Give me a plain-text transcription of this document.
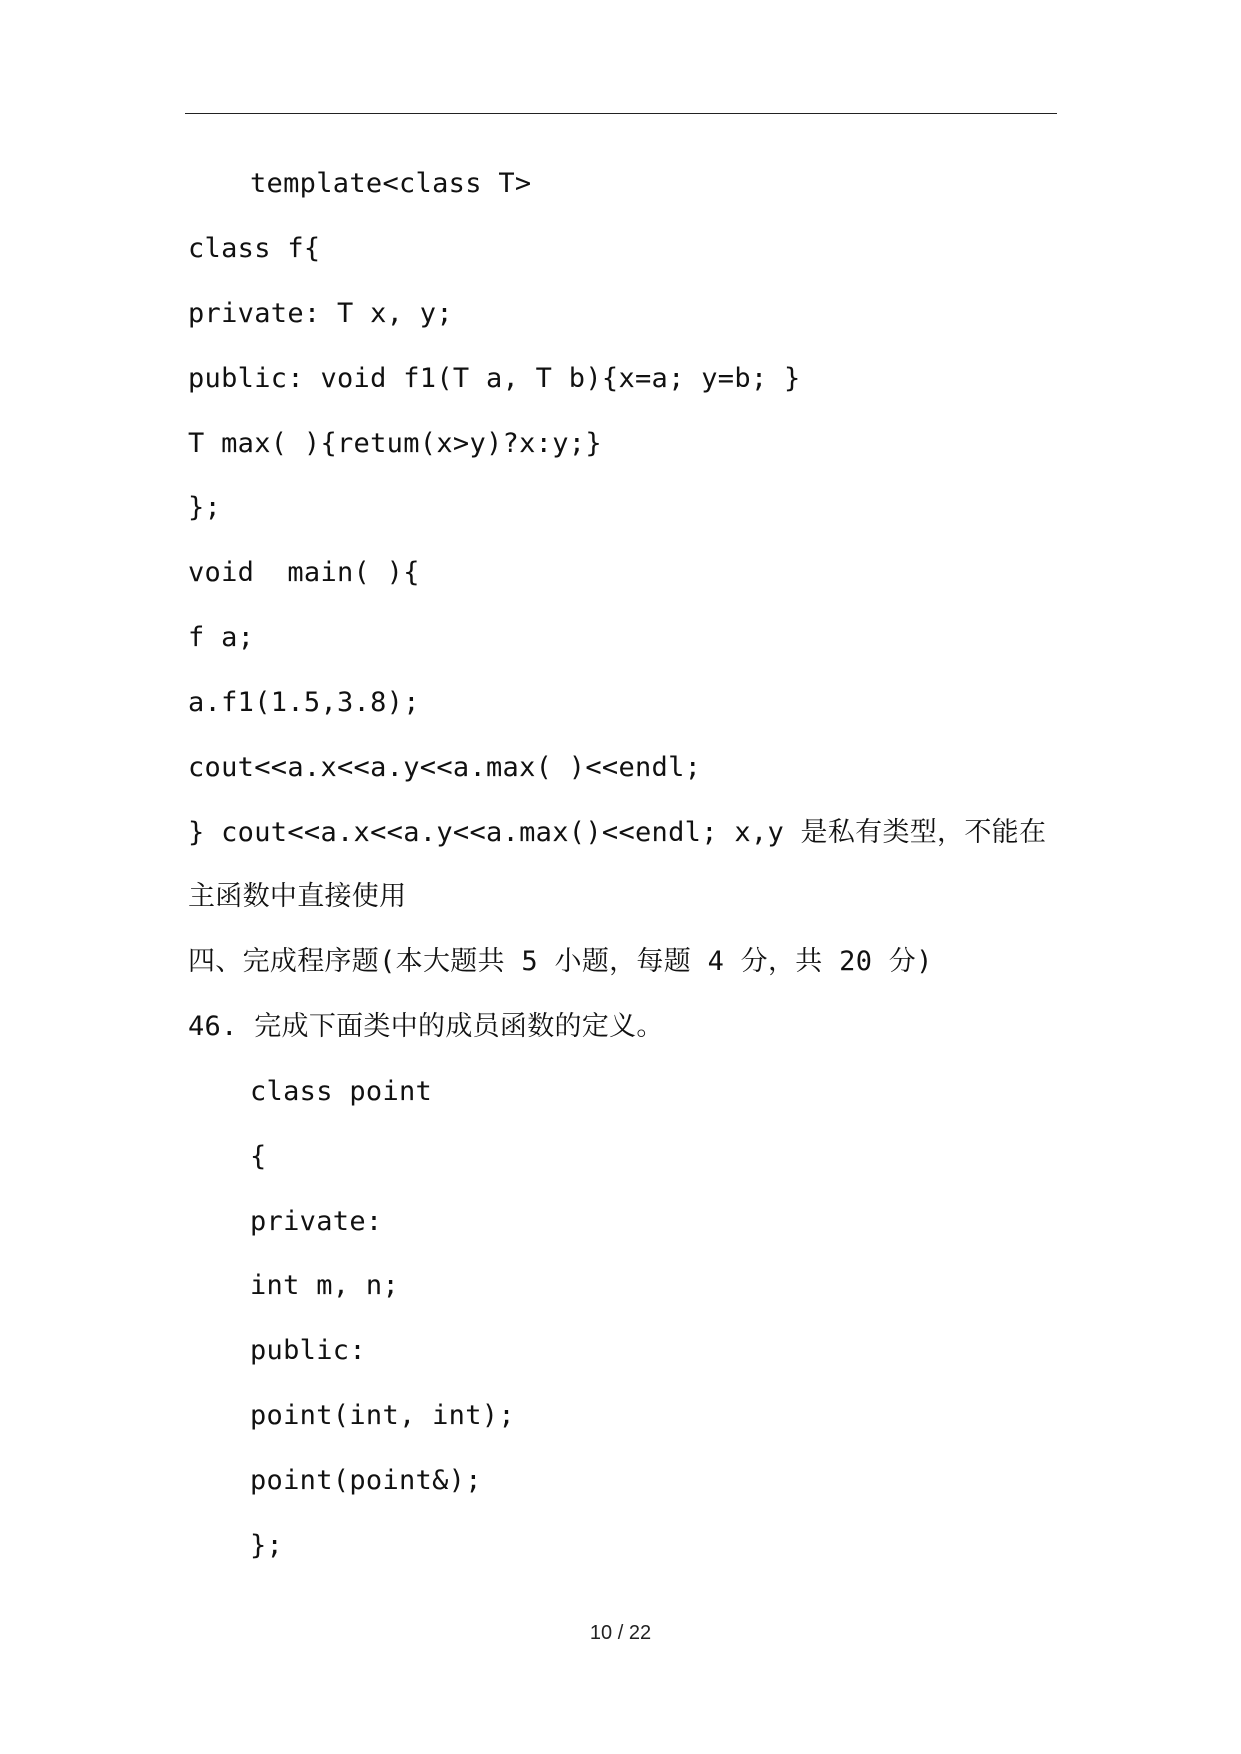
template<class T>
class f{
private: T x, y;
public: void f1(T a, T b){x=a; y=b; }
T max( ){retum(x>y)?x:y;}
};
void  main( ){
f a;
a.f1(1.5,3.8);
cout<<a.x<<a.y<<a.max( )<<endl;
} cout<<a.x<<a.y<<a.max()<<endl; x,y 是私有类型，不能在
主函数中直接使用
四、完成程序题(本大题共 5 小题，每题 4 分，共 20 分)
46. 完成下面类中的成员函数的定义。
class point
{
private:
int m, n;
public:
point(int, int);
point(point&);
};
10 / 22
